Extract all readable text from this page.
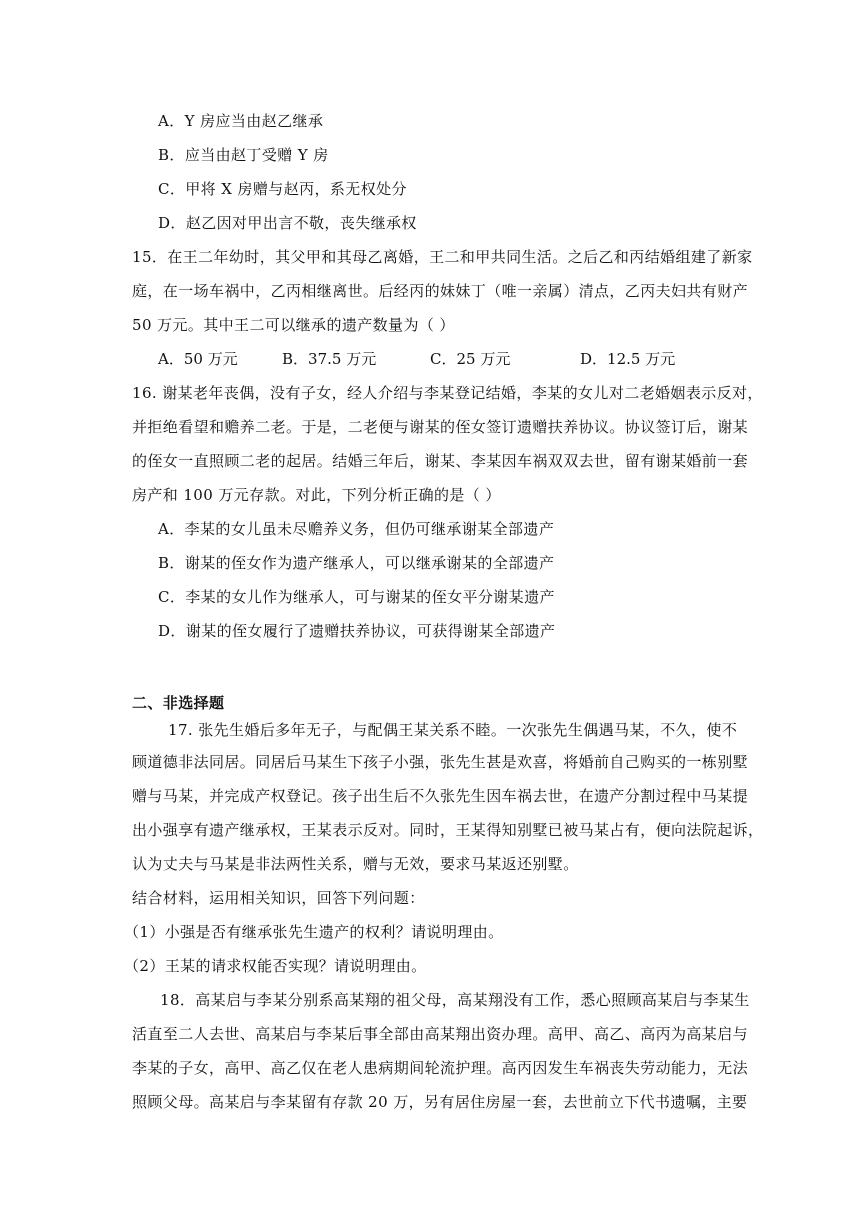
A．Y 房应当由赵乙继承
B．应当由赵丁受赠 Y 房
C．甲将 X 房赠与赵丙，系无权处分
D．赵乙因对甲出言不敬，丧失继承权
15．在王二年幼时，其父甲和其母乙离婚，王二和甲共同生活。之后乙和丙结婚组建了新家
庭，在一场车祸中，乙丙相继离世。后经丙的妹妹丁（唯一亲属）清点，乙丙夫妇共有财产
50 万元。其中王二可以继承的遗产数量为（ ）
A．50 万元	B．37.5 万元	C．25 万元	D．12.5 万元
16. 谢某老年丧偶，没有子女，经人介绍与李某登记结婚，李某的女儿对二老婚姻表示反对，
并拒绝看望和赡养二老。于是，二老便与谢某的侄女签订遗赠扶养协议。协议签订后，谢某
的侄女一直照顾二老的起居。结婚三年后，谢某、李某因车祸双双去世，留有谢某婚前一套
房产和 100 万元存款。对此，下列分析正确的是（ ）
A．李某的女儿虽未尽赡养义务，但仍可继承谢某全部遗产
B．谢某的侄女作为遗产继承人，可以继承谢某的全部遗产
C．李某的女儿作为继承人，可与谢某的侄女平分谢某遗产
D．谢某的侄女履行了遗赠扶养协议，可获得谢某全部遗产
二、非选择题
17. 张先生婚后多年无子，与配偶王某关系不睦。一次张先生偶遇马某，不久，使不
顾道德非法同居。同居后马某生下孩子小强，张先生甚是欢喜，将婚前自己购买的一栋别墅
赠与马某，并完成产权登记。孩子出生后不久张先生因车祸去世，在遗产分割过程中马某提
出小强享有遗产继承权，王某表示反对。同时，王某得知别墅已被马某占有，便向法院起诉，
认为丈夫与马某是非法两性关系，赠与无效，要求马某返还别墅。
结合材料，运用相关知识，回答下列问题：
（1）小强是否有继承张先生遗产的权利？请说明理由。
（2）王某的请求权能否实现？请说明理由。
18．高某启与李某分别系高某翔的祖父母，高某翔没有工作，悉心照顾高某启与李某生
活直至二人去世、高某启与李某后事全部由高某翔出资办理。高甲、高乙、高丙为高某启与
李某的子女，高甲、高乙仅在老人患病期间轮流护理。高丙因发生车祸丧失劳动能力，无法
照顾父母。高某启与李某留有存款 20 万，另有居住房屋一套，去世前立下代书遗嘱，主要
